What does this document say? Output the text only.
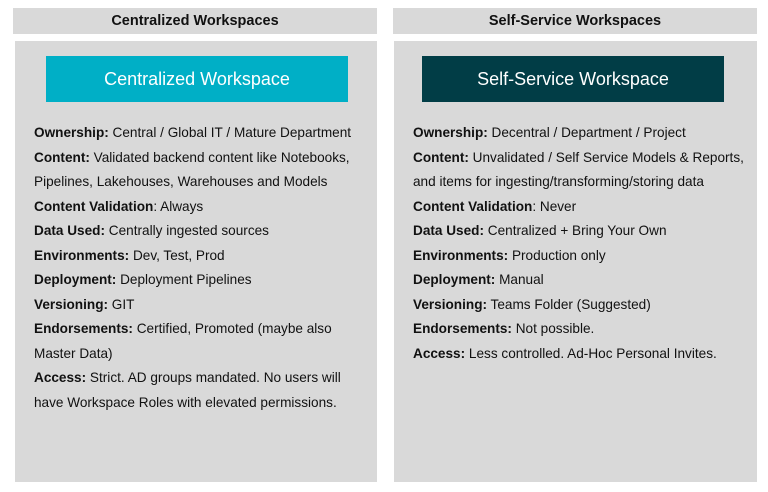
Centralized Workspaces	Self-Service Workspaces
Centralized Workspace
Ownership: Central / Global IT / Mature Department
Content: Validated backend content like Notebooks,
Pipelines, Lakehouses, Warehouses and Models
Content Validation: Always
Data Used: Centrally ingested sources
Environments: Dev, Test, Prod
Deployment: Deployment Pipelines
Versioning: GIT
Endorsements: Certified, Promoted (maybe also
Master Data)
Access: Strict. AD groups mandated. No users will
have Workspace Roles with elevated permissions.
Self-Service Workspace
Ownership: Decentral / Department / Project
Content: Unvalidated / Self Service Models & Reports,
and items for ingesting/transforming/storing data
Content Validation: Never
Data Used: Centralized + Bring Your Own
Environments: Production only
Deployment: Manual
Versioning: Teams Folder (Suggested)
Endorsements: Not possible.
Access: Less controlled. Ad-Hoc Personal Invites.
